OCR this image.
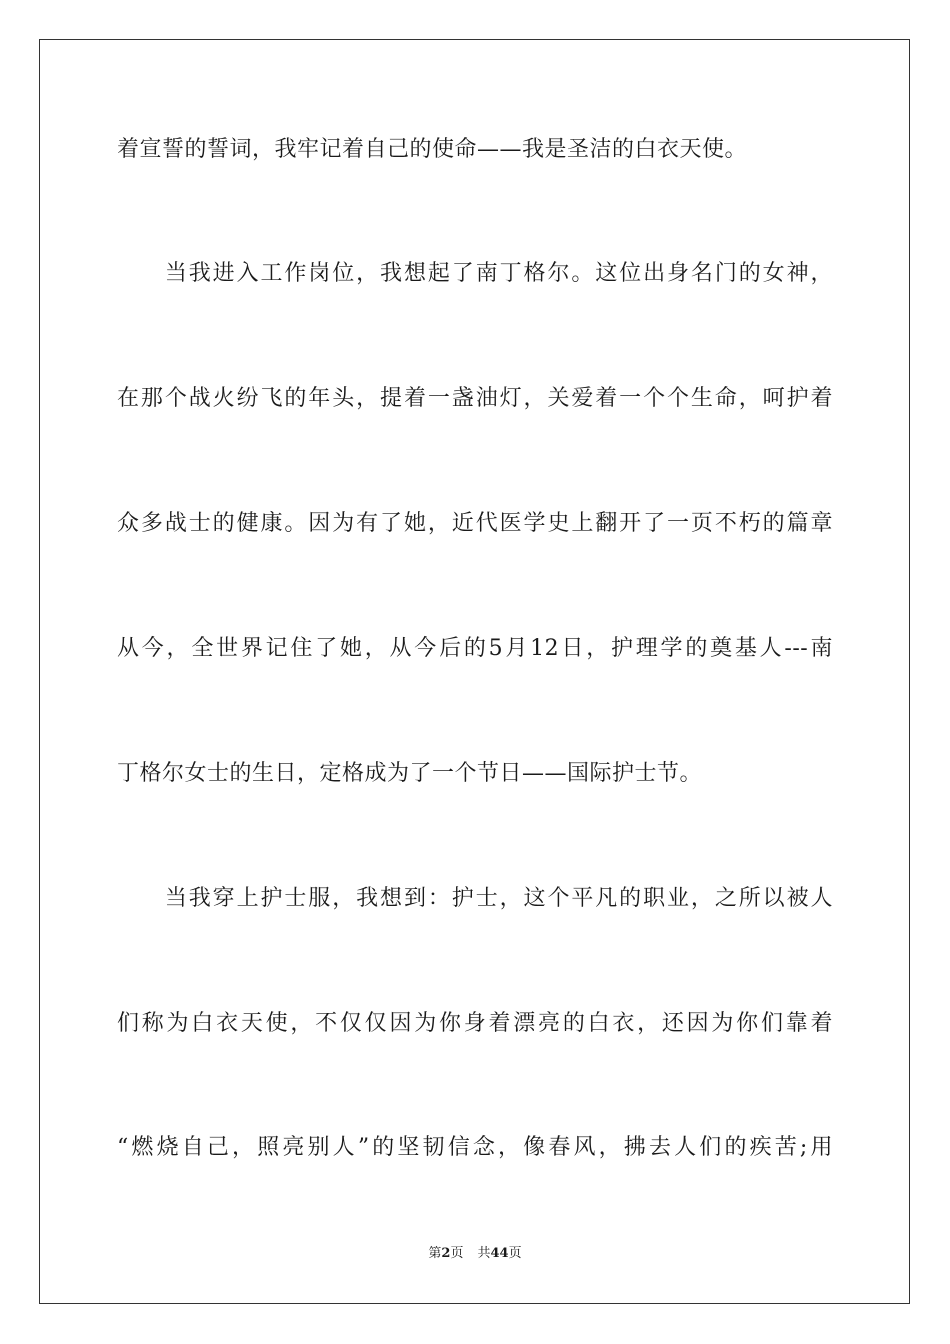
着宣誓的誓词，我牢记着自己的使命——我是圣洁的白衣天使。
　　当我进入工作岗位，我想起了南丁格尔。这位出身名门的女神，
在那个战火纷飞的年头，提着一盏油灯，关爱着一个个生命，呵护着
众多战士的健康。因为有了她，近代医学史上翻开了一页不朽的篇章
从今，全世界记住了她，从今后的5月12日，护理学的奠基人---南
丁格尔女士的生日，定格成为了一个节日——国际护士节。
　　当我穿上护士服，我想到：护士，这个平凡的职业，之所以被人
们称为白衣天使，不仅仅因为你身着漂亮的白衣，还因为你们靠着
“燃烧自己，照亮别人”的坚韧信念，像春风，拂去人们的疾苦;用
第2页 共44页
